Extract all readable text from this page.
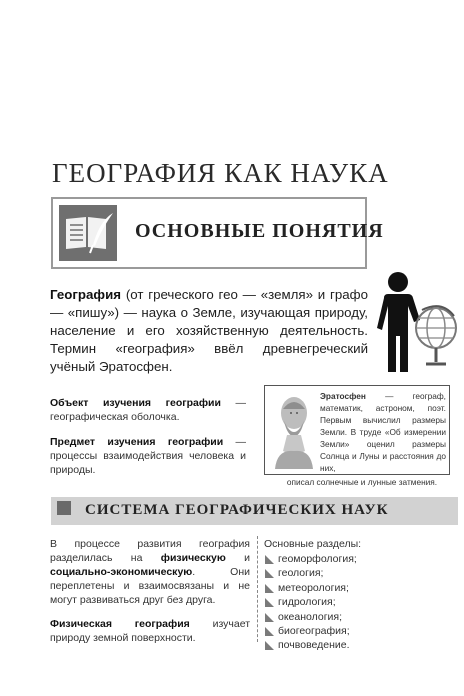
ГЕОГРАФИЯ КАК НАУКА
ОСНОВНЫЕ ПОНЯТИЯ
География (от греческого гео — «земля» и графо — «пишу») — наука о Земле, изучающая природу, население и его хозяйственную деятельность. Термин «география» ввёл древнегреческий учёный Эратосфен.
Объект изучения географии — географическая оболочка.
Предмет изучения географии — процессы взаимодействия человека и природы.
Эратосфен — географ, математик, астроном, поэт. Первым вычислил размеры Земли. В труде «Об измерении Земли» оценил размеры Солнца и Луны и расстояния до них,
описал солнечные и лунные затмения.
СИСТЕМА ГЕОГРАФИЧЕСКИХ НАУК

В процессе развития география разделилась на физическую и социально-экономическую. Они переплетены и взаимосвязаны и не могут развиваться друг без друга.

Физическая география изучает природу земной поверхности.

Основные разделы:

геоморфология;
геология;
метеорология;
гидрология;
океанология;
биогеография;
почвоведение.
